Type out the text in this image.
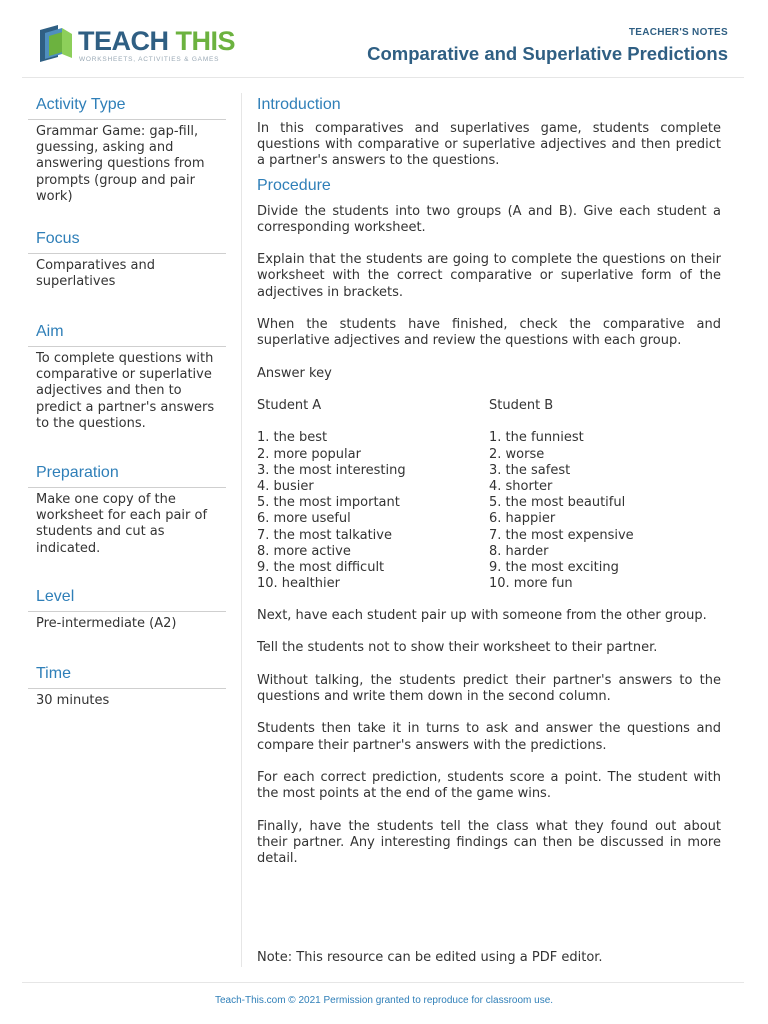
TEACH THIS
WORKSHEETS, ACTIVITIES & GAMES
TEACHER'S NOTES
Comparative and Superlative Predictions
Activity Type
Grammar Game: gap-fill, guessing, asking and answering questions from prompts (group and pair work)
Focus
Comparatives and superlatives
Aim
To complete questions with comparative or superlative adjectives and then to predict a partner's answers to the questions.
Preparation
Make one copy of the worksheet for each pair of students and cut as indicated.
Level
Pre-intermediate (A2)
Time
30 minutes
Introduction

In this comparatives and superlatives game, students complete questions with comparative or superlative adjectives and then predict a partner's answers to the questions.

Procedure

Divide the students into two groups (A and B). Give each student a corresponding worksheet.

Explain that the students are going to complete the questions on their worksheet with the correct comparative or superlative form of the adjectives in brackets.

When the students have finished, check the comparative and superlative adjectives and review the questions with each group.

Answer key

Student A
1. the best
2. more popular
3. the most interesting
4. busier
5. the most important
6. more useful
7. the most talkative
8. more active
9. the most difficult
10. healthier
Student B
1. the funniest
2. worse
3. the safest
4. shorter
5. the most beautiful
6. happier
7. the most expensive
8. harder
9. the most exciting
10. more fun

Next, have each student pair up with someone from the other group.

Tell the students not to show their worksheet to their partner.

Without talking, the students predict their partner's answers to the questions and write them down in the second column.

Students then take it in turns to ask and answer the questions and compare their partner's answers with the predictions.

For each correct prediction, students score a point. The student with the most points at the end of the game wins.

Finally, have the students tell the class what they found out about their partner. Any interesting findings can then be discussed in more detail.

Note: This resource can be edited using a PDF editor.
Teach-This.com © 2021 Permission granted to reproduce for classroom use.
